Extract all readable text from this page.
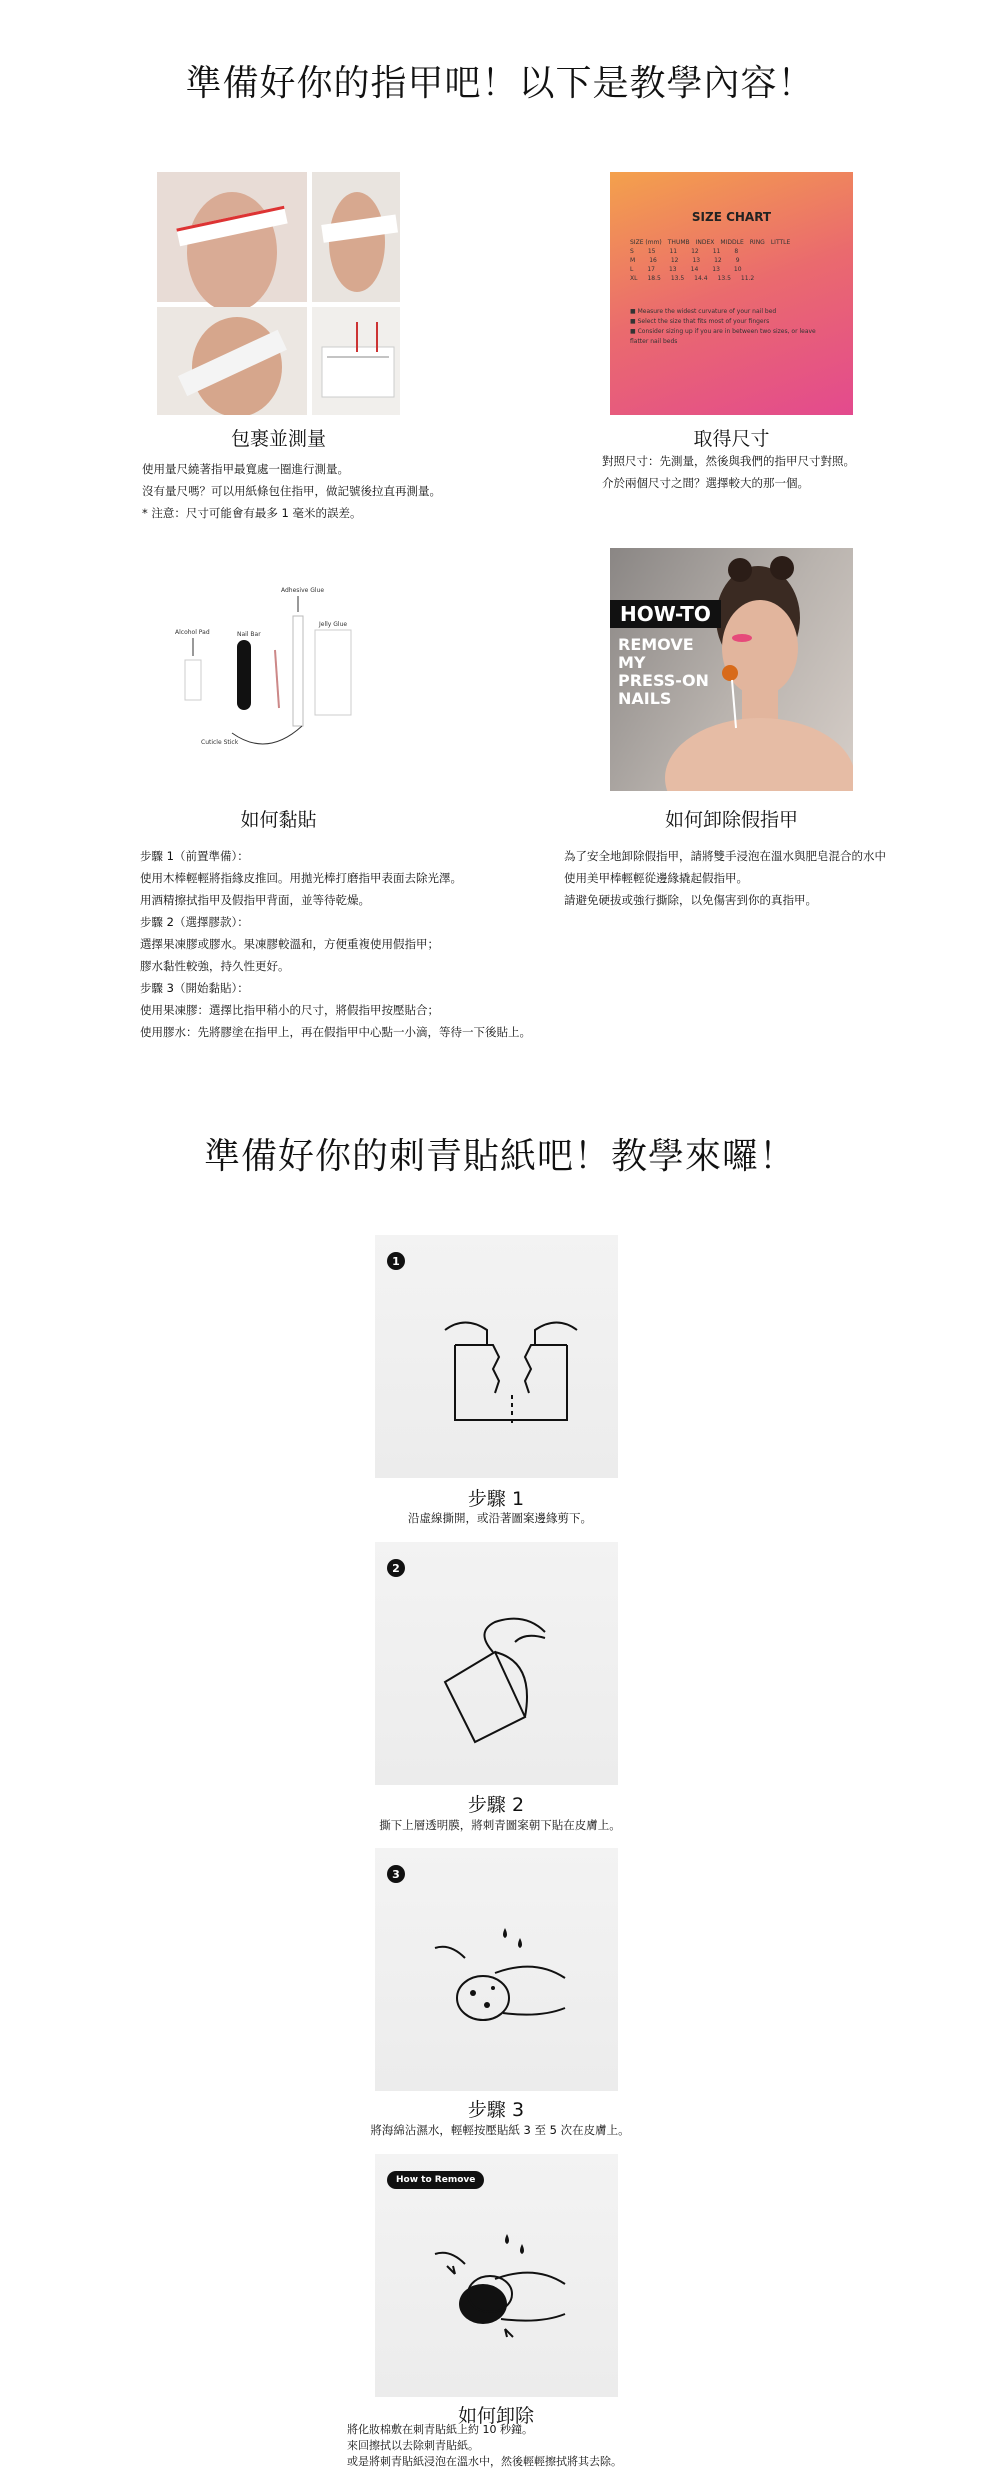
準備好你的指甲吧！以下是教學內容！
包裹並測量

使用量尺繞著指甲最寬處一圈進行測量。

沒有量尺嗎？可以用紙條包住指甲，做記號後拉直再測量。

* 注意：尺寸可能會有最多 1 毫米的誤差。

SIZE CHART
SIZE (mm) THUMB INDEX MIDDLE RING LITTLE
S 15 11 12 11 8
M 16 12 13 12 9
L 17 13 14 13 10
XL 18.5 13.5 14.4 13.5 11.2
■ Measure the widest curvature of your nail bed
■ Select the size that fits most of your fingers
■ Consider sizing up if you are in between two sizes, or leave flatter nail beds
取得尺寸

對照尺寸：先測量，然後與我們的指甲尺寸對照。

介於兩個尺寸之間？選擇較大的那一個。

Alcohol Pad	Nail Bar
Adhesive Glue
Jelly Glue
Cuticle Stick
如何黏貼

步驟 1（前置準備）：

使用木棒輕輕將指緣皮推回。用拋光棒打磨指甲表面去除光澤。

用酒精擦拭指甲及假指甲背面，並等待乾燥。

步驟 2（選擇膠款）：

選擇果凍膠或膠水。果凍膠較溫和，方便重複使用假指甲；

膠水黏性較強，持久性更好。

步驟 3（開始黏貼）：

使用果凍膠：選擇比指甲稍小的尺寸，將假指甲按壓貼合；

使用膠水：先將膠塗在指甲上，再在假指甲中心點一小滴，等待一下後貼上。

HOW-TO
REMOVE
MY
PRESS-ON
NAILS
如何卸除假指甲

為了安全地卸除假指甲，請將雙手浸泡在溫水與肥皂混合的水中

使用美甲棒輕輕從邊緣撬起假指甲。

請避免硬拔或強行撕除，以免傷害到你的真指甲。

準備好你的刺青貼紙吧！教學來囉！
1
步驟 1
沿虛線撕開，或沿著圖案邊緣剪下。
2
步驟 2
撕下上層透明膜，將刺青圖案朝下貼在皮膚上。
3
步驟 3
將海綿沾濕水，輕輕按壓貼紙 3 至 5 次在皮膚上。
How to Remove
如何卸除

將化妝棉敷在刺青貼紙上約 10 秒鐘。

來回擦拭以去除刺青貼紙。

或是將刺青貼紙浸泡在溫水中，然後輕輕擦拭將其去除。
